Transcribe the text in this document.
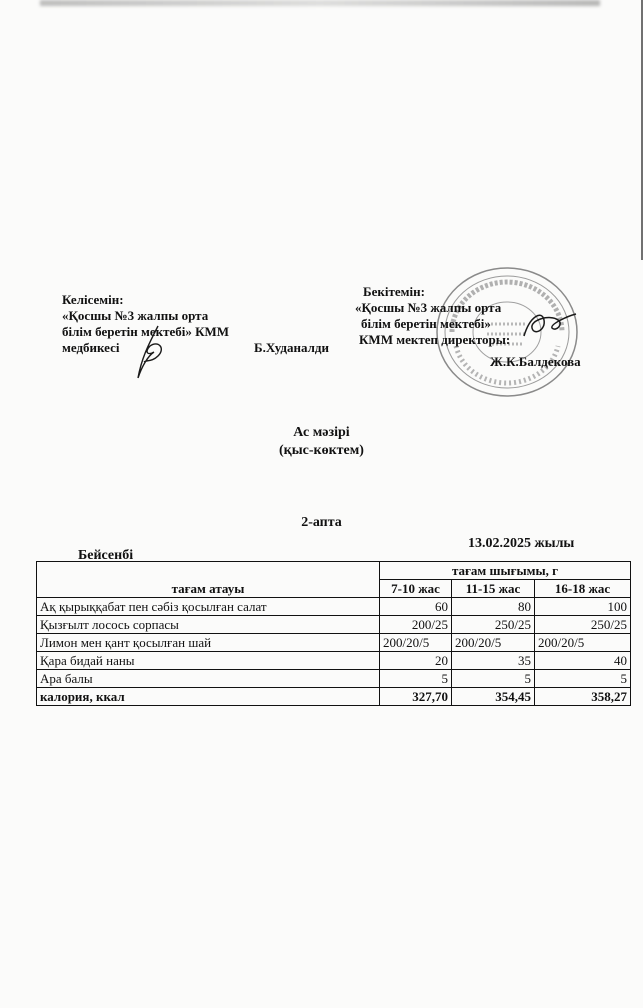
Келісемін:
«Қосшы №3 жалпы орта
білім беретін мектебі» КММ
медбикесі	Б.Худаналди
Бекітемін:
«Қосшы №3 жалпы орта
білім беретін мектебі»
КММ мектеп директоры:
Ж.К.Балдекова
Ас мәзірі
(қыс-көктем)
2-апта
Бейсенбі
13.02.2025 жылы
тағам атауы	тағам шығымы, г		
	7-10 жас	11-15 жас	16-18 жас
Ақ қырыққабат пен сәбіз қосылған салат	60	80	100
Қызғылт лосось сорпасы	200/25	250/25	250/25
Лимон мен қант қосылған шай	200/20/5	200/20/5	200/20/5
Қара бидай наны	20	35	40
Ара балы	5	5	5
калория, ккал	327,70	354,45	358,27
